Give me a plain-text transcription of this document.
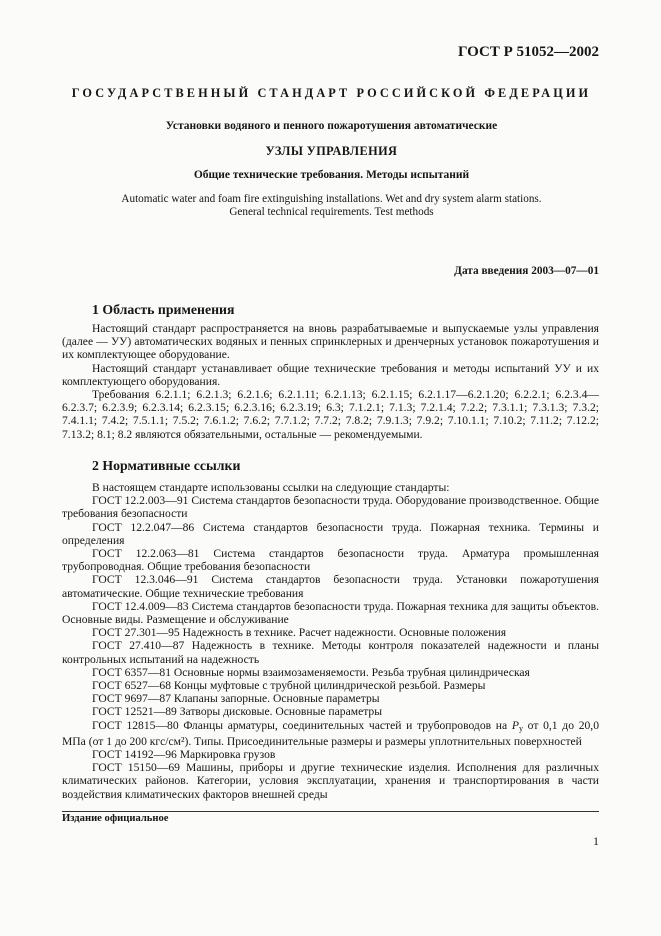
ГОСТ Р 51052—2002
ГОСУДАРСТВЕННЫЙ СТАНДАРТ РОССИЙСКОЙ ФЕДЕРАЦИИ
Установки водяного и пенного пожаротушения автоматические
УЗЛЫ УПРАВЛЕНИЯ
Общие технические требования. Методы испытаний
Automatic water and foam fire extinguishing installations. Wet and dry system alarm stations.
General technical requirements. Test methods
Дата введения 2003—07—01
1 Область применения

Настоящий стандарт распространяется на вновь разрабатываемые и выпускаемые узлы управления (далее — УУ) автоматических водяных и пенных спринклерных и дренчерных установок пожаротушения и их комплектующее оборудование.

Настоящий стандарт устанавливает общие технические требования и методы испытаний УУ и их комплектующего оборудования.

Требования 6.2.1.1; 6.2.1.3; 6.2.1.6; 6.2.1.11; 6.2.1.13; 6.2.1.15; 6.2.1.17—6.2.1.20; 6.2.2.1; 6.2.3.4—6.2.3.7; 6.2.3.9; 6.2.3.14; 6.2.3.15; 6.2.3.16; 6.2.3.19; 6.3; 7.1.2.1; 7.1.3; 7.2.1.4; 7.2.2; 7.3.1.1; 7.3.1.3; 7.3.2; 7.4.1.1; 7.4.2; 7.5.1.1; 7.5.2; 7.6.1.2; 7.6.2; 7.7.1.2; 7.7.2; 7.8.2; 7.9.1.3; 7.9.2; 7.10.1.1; 7.10.2; 7.11.2; 7.12.2; 7.13.2; 8.1; 8.2 являются обязательными, остальные — рекомендуемыми.

2 Нормативные ссылки

В настоящем стандарте использованы ссылки на следующие стандарты:

ГОСТ 12.2.003—91 Система стандартов безопасности труда. Оборудование производственное. Общие требования безопасности

ГОСТ 12.2.047—86 Система стандартов безопасности труда. Пожарная техника. Термины и определения

ГОСТ 12.2.063—81 Система стандартов безопасности труда. Арматура промышленная трубопроводная. Общие требования безопасности

ГОСТ 12.3.046—91 Система стандартов безопасности труда. Установки пожаротушения автоматические. Общие технические требования

ГОСТ 12.4.009—83 Система стандартов безопасности труда. Пожарная техника для защиты объектов. Основные виды. Размещение и обслуживание

ГОСТ 27.301—95 Надежность в технике. Расчет надежности. Основные положения

ГОСТ 27.410—87 Надежность в технике. Методы контроля показателей надежности и планы контрольных испытаний на надежность

ГОСТ 6357—81 Основные нормы взаимозаменяемости. Резьба трубная цилиндрическая

ГОСТ 6527—68 Концы муфтовые с трубной цилиндрической резьбой. Размеры

ГОСТ 9697—87 Клапаны запорные. Основные параметры

ГОСТ 12521—89 Затворы дисковые. Основные параметры

ГОСТ 12815—80 Фланцы арматуры, соединительных частей и трубопроводов на $P_y$ от 0,1 до 20,0 МПа (от 1 до 200 кгс/см²). Типы. Присоединительные размеры и размеры уплотнительных поверхностей

ГОСТ 14192—96 Маркировка грузов

ГОСТ 15150—69 Машины, приборы и другие технические изделия. Исполнения для различных климатических районов. Категории, условия эксплуатации, хранения и транспортирования в части воздействия климатических факторов внешней среды

Издание официальное
1
